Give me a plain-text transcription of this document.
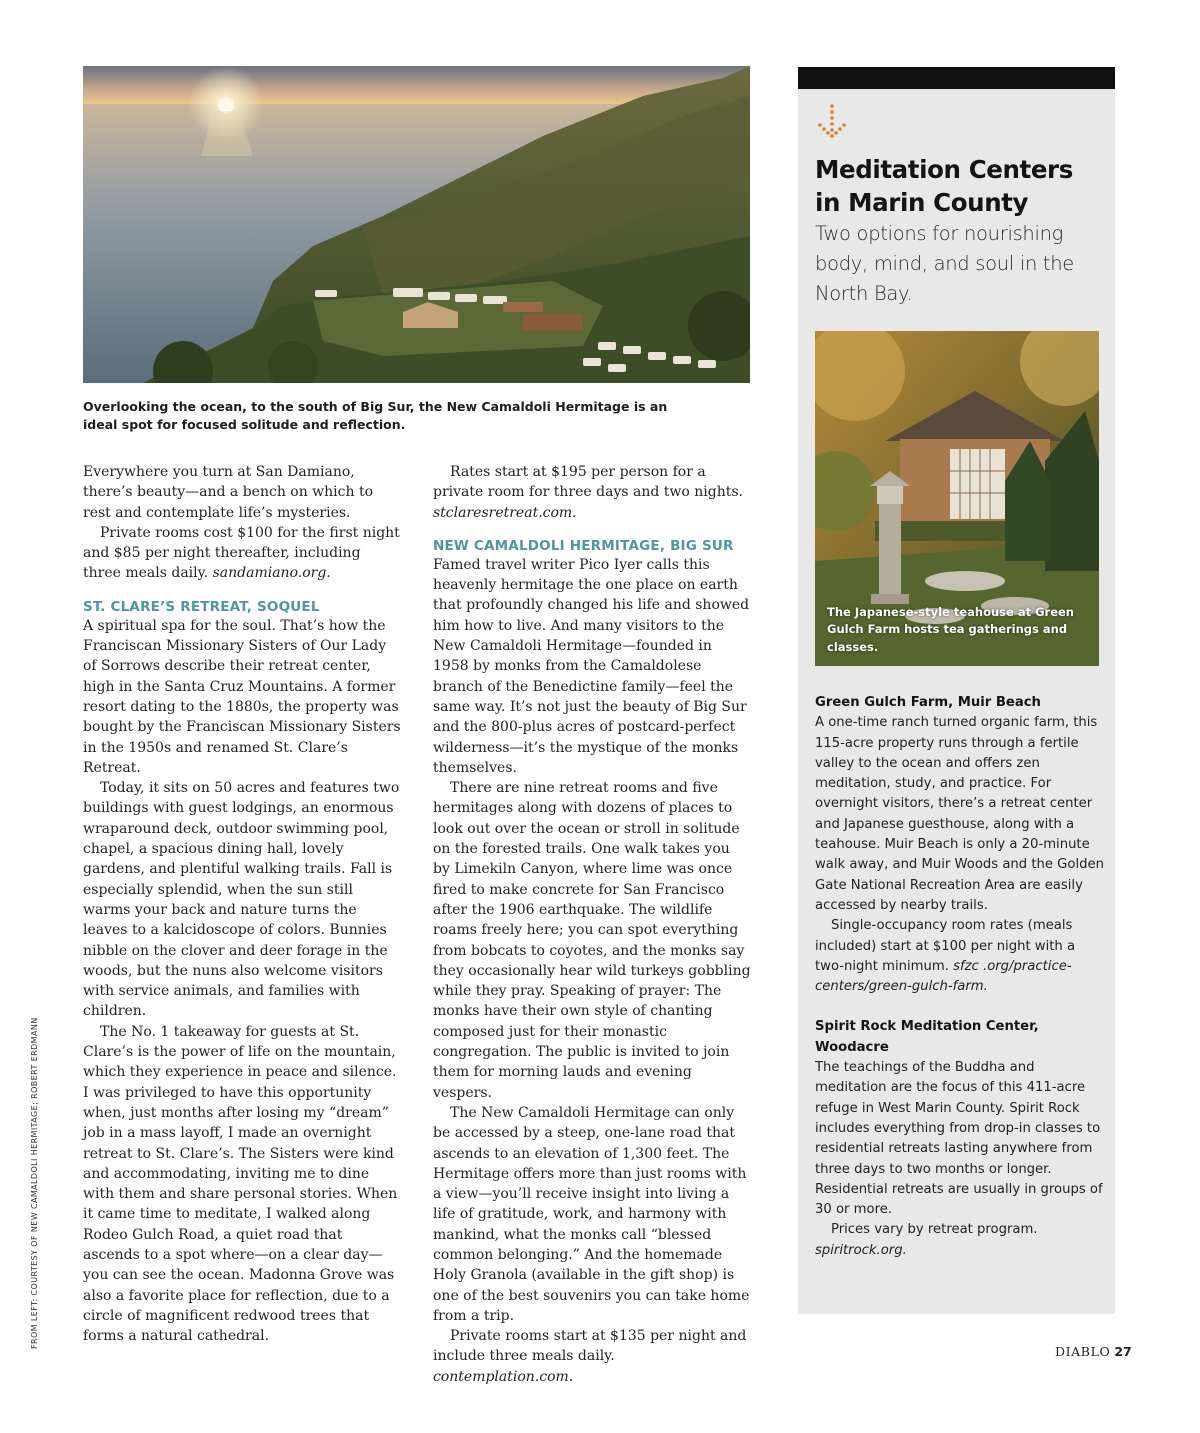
Overlooking the ocean, to the south of Big Sur, the New Camaldoli Hermitage is an ideal spot for focused solitude and reflection.

Everywhere you turn at San Damiano, there’s beauty—and a bench on which to rest and contemplate life’s mysteries.

Private rooms cost $100 for the first night and $85 per night thereafter, including three meals daily. sandamiano.org.

ST. CLARE’S RETREAT, SOQUEL

A spiritual spa for the soul. That’s how the Franciscan Missionary Sisters of Our Lady of Sorrows describe their retreat center, high in the Santa Cruz Mountains. A former resort dating to the 1880s, the property was bought by the Franciscan Missionary Sisters in the 1950s and renamed St. Clare’s Retreat.

Today, it sits on 50 acres and features two buildings with guest lodgings, an enormous wraparound deck, outdoor swimming pool, chapel, a spacious dining hall, lovely gardens, and plentiful walking trails. Fall is especially splendid, when the sun still warms your back and nature turns the leaves to a kalcidoscope of colors. Bunnies nibble on the clover and deer forage in the woods, but the nuns also welcome visitors with service animals, and families with children.

The No. 1 takeaway for guests at St. Clare’s is the power of life on the mountain, which they experience in peace and silence. I was privileged to have this opportunity when, just months after losing my “dream” job in a mass layoff, I made an overnight retreat to St. Clare’s. The Sisters were kind and accommodating, inviting me to dine with them and share personal stories. When it came time to meditate, I walked along Rodeo Gulch Road, a quiet road that ascends to a spot where—on a clear day—you can see the ocean. Madonna Grove was also a favorite place for reflection, due to a circle of magnificent redwood trees that forms a natural cathedral.

Rates start at $195 per person for a private room for three days and two nights. stclaresretreat.com.

NEW CAMALDOLI HERMITAGE, BIG SUR

Famed travel writer Pico Iyer calls this heavenly hermitage the one place on earth that profoundly changed his life and showed him how to live. And many visitors to the New Camaldoli Hermitage—founded in 1958 by monks from the Camaldolese branch of the Benedictine family—feel the same way. It’s not just the beauty of Big Sur and the 800-plus acres of postcard-perfect wilderness—it’s the mystique of the monks themselves.

There are nine retreat rooms and five hermitages along with dozens of places to look out over the ocean or stroll in solitude on the forested trails. One walk takes you by Limekiln Canyon, where lime was once fired to make concrete for San Francisco after the 1906 earthquake. The wildlife roams freely here; you can spot everything from bobcats to coyotes, and the monks say they occasionally hear wild turkeys gobbling while they pray. Speaking of prayer: The monks have their own style of chanting composed just for their monastic congregation. The public is invited to join them for morning lauds and evening vespers.

The New Camaldoli Hermitage can only be accessed by a steep, one-lane road that ascends to an elevation of 1,300 feet. The Hermitage offers more than just rooms with a view—you’ll receive insight into living a life of gratitude, work, and harmony with mankind, what the monks call “blessed common belonging.” And the homemade Holy Granola (available in the gift shop) is one of the best souvenirs you can take home from a trip.

Private rooms start at $135 per night and include three meals daily. contemplation.com.

FROM LEFT: COURTESY OF NEW CAMALDOLI HERMITAGE; ROBERT ERDMANN
Meditation Centers in Marin County
Two options for nourishing body, mind, and soul in the North Bay.
The Japanese-style teahouse at Green Gulch Farm hosts tea gatherings and classes.

Green Gulch Farm, Muir Beach

A one-time ranch turned organic farm, this 115-acre property runs through a fertile valley to the ocean and offers zen meditation, study, and practice. For overnight visitors, there’s a retreat center and Japanese guesthouse, along with a teahouse. Muir Beach is only a 20-minute walk away, and Muir Woods and the Golden Gate National Recreation Area are easily accessed by nearby trails.

Single-occupancy room rates (meals included) start at $100 per night with a two-night minimum. sfzc .org/practice-centers/green-gulch-farm.

Spirit Rock Meditation Center, Woodacre

The teachings of the Buddha and meditation are the focus of this 411-acre refuge in West Marin County. Spirit Rock includes everything from drop-in classes to residential retreats lasting anywhere from three days to two months or longer. Residential retreats are usually in groups of 30 or more.

Prices vary by retreat program. spiritrock.org.

DIABLO 27
